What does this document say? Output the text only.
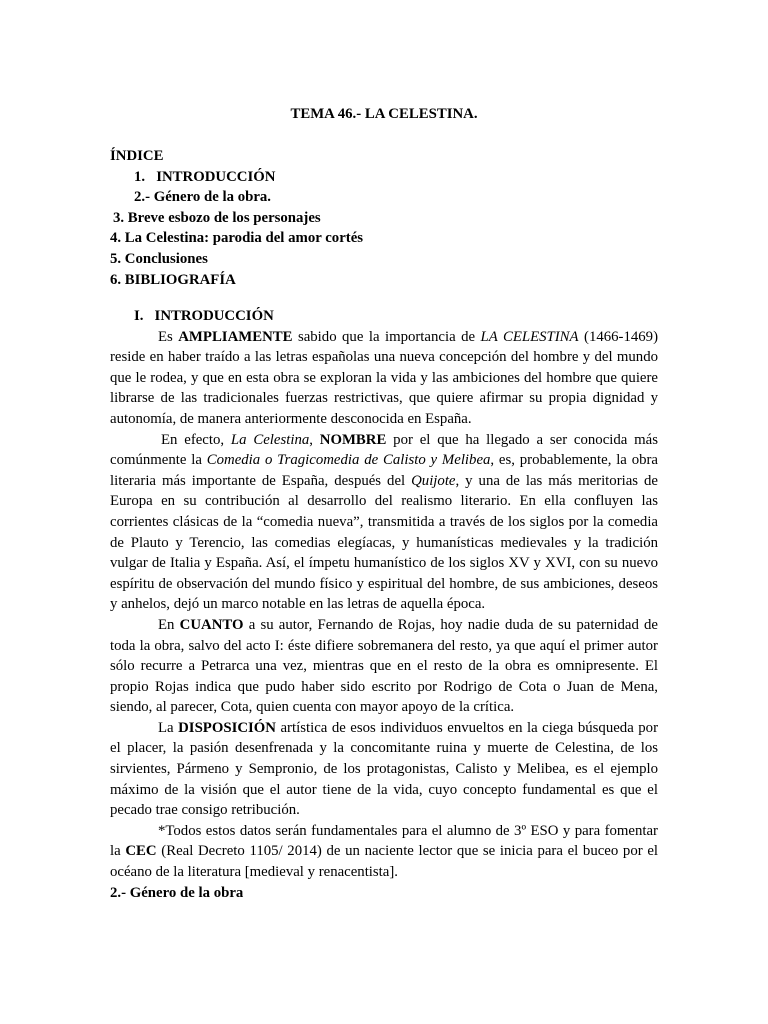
TEMA 46.- LA CELESTINA.
ÍNDICE
1.   INTRODUCCIÓN
2.- Género de la obra.
3. Breve esbozo de los personajes
4. La Celestina: parodia del amor cortés
5. Conclusiones
6. BIBLIOGRAFÍA
I.   INTRODUCCIÓN

Es AMPLIAMENTE sabido que la importancia de LA CELESTINA (1466-1469) reside en haber traído a las letras españolas una nueva concepción del hombre y del mundo que le rodea, y que en esta obra se exploran la vida y las ambiciones del hombre que quiere librarse de las tradicionales fuerzas restrictivas, que quiere afirmar su propia dignidad y autonomía, de manera anteriormente desconocida en España.

En efecto, La Celestina, NOMBRE por el que ha llegado a ser conocida más comúnmente la Comedia o Tragicomedia de Calisto y Melibea, es, probablemente, la obra literaria más importante de España, después del Quijote, y una de las más meritorias de Europa en su contribución al desarrollo del realismo literario. En ella confluyen las corrientes clásicas de la “comedia nueva”, transmitida a través de los siglos por la comedia de Plauto y Terencio, las comedias elegíacas, y humanísticas medievales y la tradición vulgar de Italia y España. Así, el ímpetu humanístico de los siglos XV y XVI, con su nuevo espíritu de observación del mundo físico y espiritual del hombre, de sus ambiciones, deseos y anhelos, dejó un marco notable en las letras de aquella época.

En CUANTO a su autor, Fernando de Rojas, hoy nadie duda de su paternidad de toda la obra, salvo del acto I: éste difiere sobremanera del resto, ya que aquí el primer autor sólo recurre a Petrarca una vez, mientras que en el resto de la obra es omnipresente. El propio Rojas indica que pudo haber sido escrito por Rodrigo de Cota o Juan de Mena, siendo, al parecer, Cota, quien cuenta con mayor apoyo de la crítica.

La DISPOSICIÓN artística de esos individuos envueltos en la ciega búsqueda por el placer, la pasión desenfrenada y la concomitante ruina y muerte de Celestina, de los sirvientes, Pármeno y Sempronio, de los protagonistas, Calisto y Melibea, es el ejemplo máximo de la visión que el autor tiene de la vida, cuyo concepto fundamental es que el pecado trae consigo retribución.

*Todos estos datos serán fundamentales para el alumno de 3º ESO y para fomentar la CEC (Real Decreto 1105/ 2014) de un naciente lector que se inicia para el buceo por el océano de la literatura [medieval y renacentista].

2.- Género de la obra
